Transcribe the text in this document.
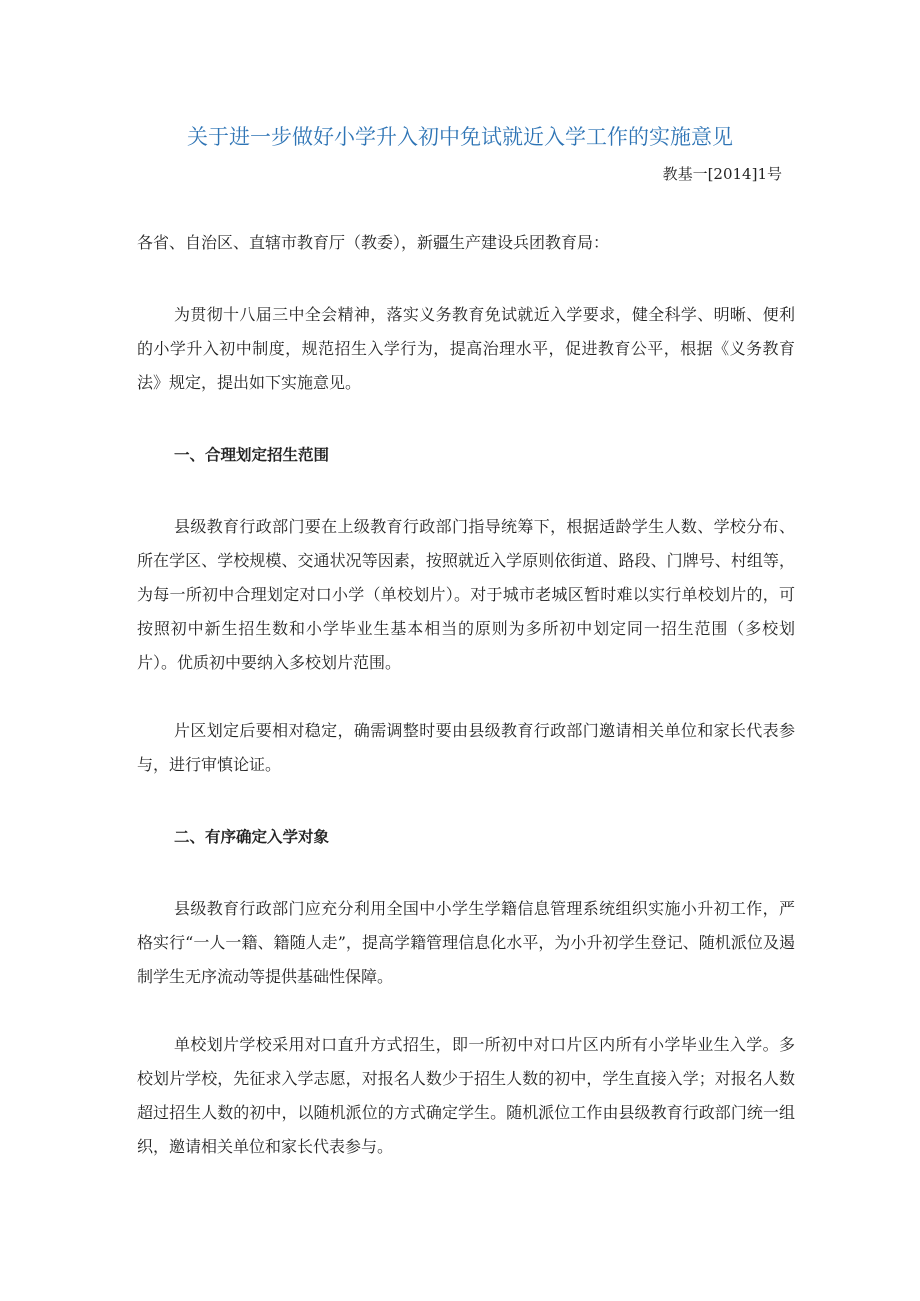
关于进一步做好小学升入初中免试就近入学工作的实施意见
教基一[2014]1号

各省、自治区、直辖市教育厅（教委），新疆生产建设兵团教育局：

为贯彻十八届三中全会精神，落实义务教育免试就近入学要求，健全科学、明晰、便利的小学升入初中制度，规范招生入学行为，提高治理水平，促进教育公平，根据《义务教育法》规定，提出如下实施意见。

一、合理划定招生范围

县级教育行政部门要在上级教育行政部门指导统筹下，根据适龄学生人数、学校分布、所在学区、学校规模、交通状况等因素，按照就近入学原则依街道、路段、门牌号、村组等，为每一所初中合理划定对口小学（单校划片）。对于城市老城区暂时难以实行单校划片的，可按照初中新生招生数和小学毕业生基本相当的原则为多所初中划定同一招生范围（多校划片）。优质初中要纳入多校划片范围。

片区划定后要相对稳定，确需调整时要由县级教育行政部门邀请相关单位和家长代表参与，进行审慎论证。

二、有序确定入学对象

县级教育行政部门应充分利用全国中小学生学籍信息管理系统组织实施小升初工作，严格实行“一人一籍、籍随人走”，提高学籍管理信息化水平，为小升初学生登记、随机派位及遏制学生无序流动等提供基础性保障。

单校划片学校采用对口直升方式招生，即一所初中对口片区内所有小学毕业生入学。多校划片学校，先征求入学志愿，对报名人数少于招生人数的初中，学生直接入学；对报名人数超过招生人数的初中，以随机派位的方式确定学生。随机派位工作由县级教育行政部门统一组织，邀请相关单位和家长代表参与。
